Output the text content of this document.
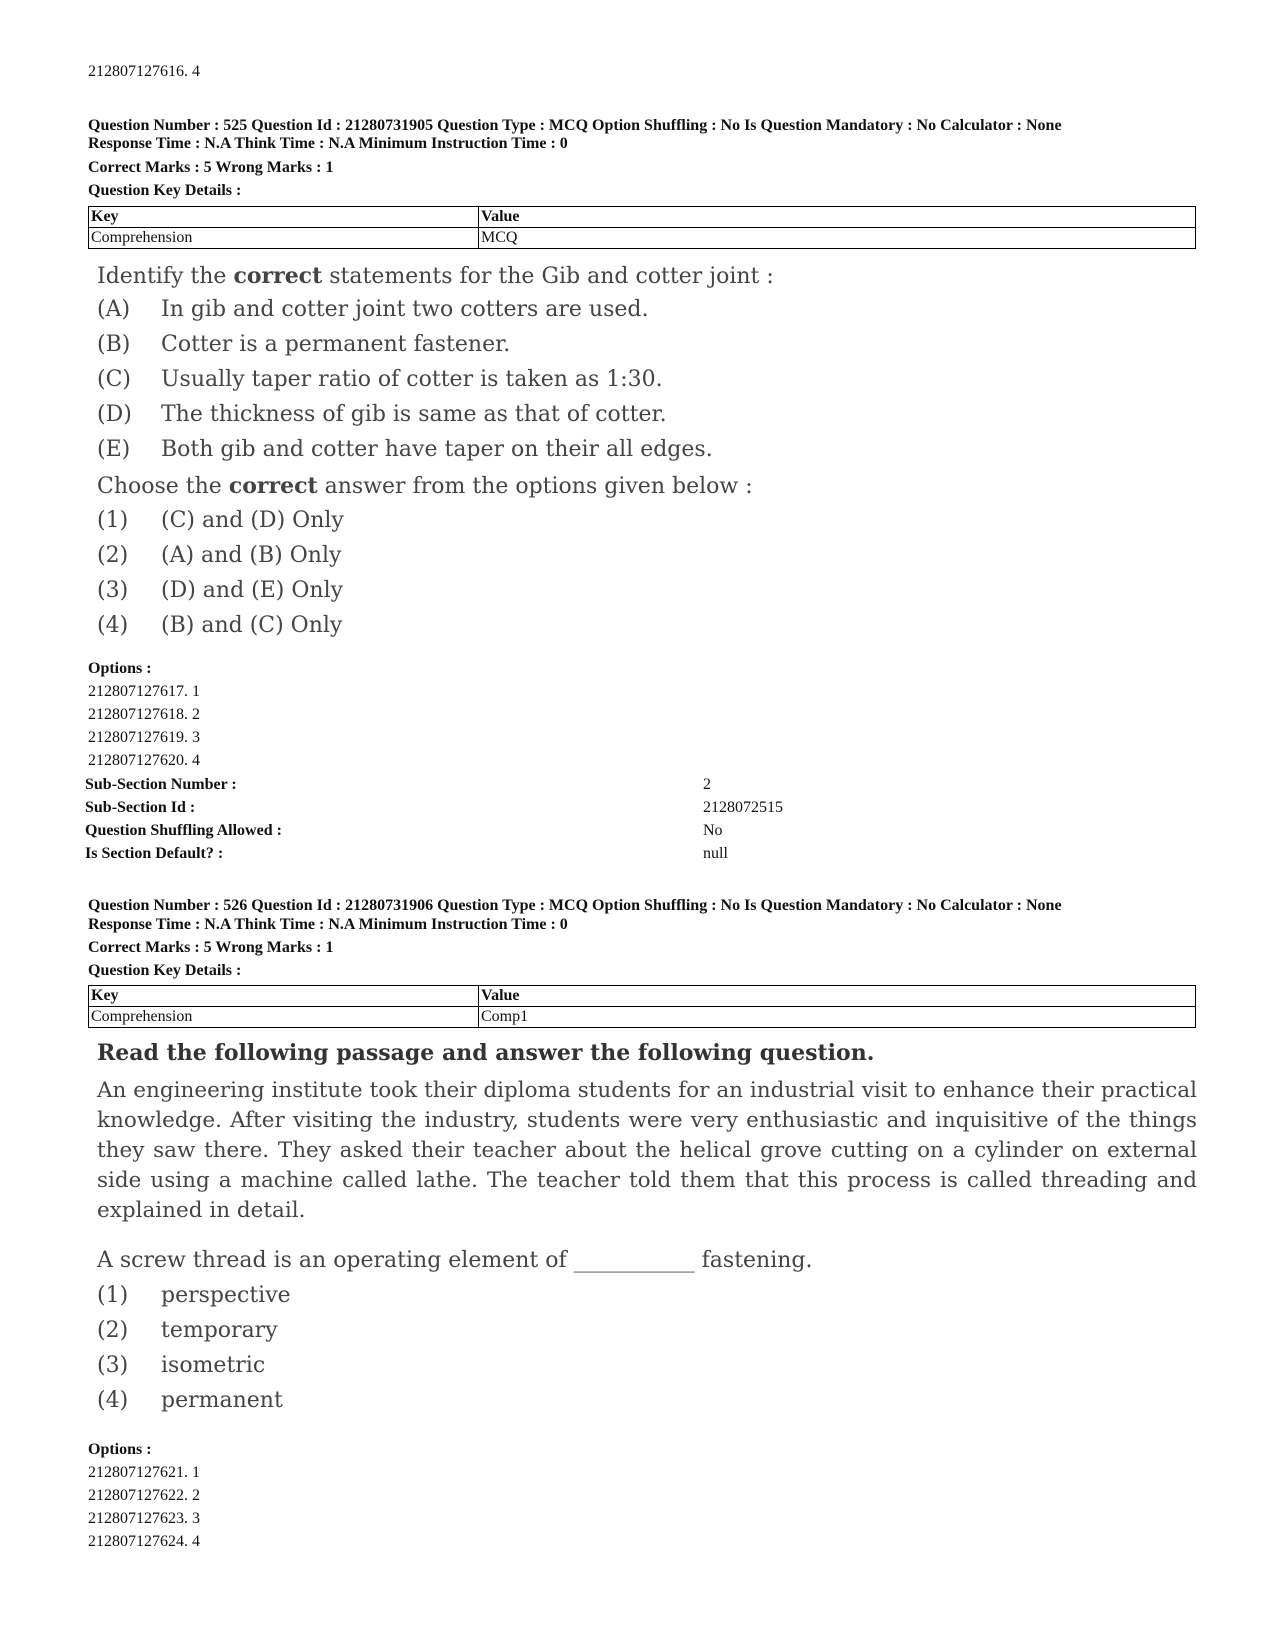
212807127616. 4
Question Number : 525 Question Id : 21280731905 Question Type : MCQ Option Shuffling : No Is Question Mandatory : No Calculator : None
Response Time : N.A Think Time : N.A Minimum Instruction Time : 0
Correct Marks : 5 Wrong Marks : 1
Question Key Details :
Key	Value
Comprehension	MCQ
Identify the correct statements for the Gib and cotter joint :
(A) In gib and cotter joint two cotters are used.
(B) Cotter is a permanent fastener.
(C) Usually taper ratio of cotter is taken as 1:30.
(D) The thickness of gib is same as that of cotter.
(E) Both gib and cotter have taper on their all edges.
Choose the correct answer from the options given below :
(1) (C) and (D) Only
(2) (A) and (B) Only
(3) (D) and (E) Only
(4) (B) and (C) Only
Options :
212807127617. 1
212807127618. 2
212807127619. 3
212807127620. 4
Sub-Section Number :	2
Sub-Section Id :	2128072515
Question Shuffling Allowed :	No
Is Section Default? :	null
Question Number : 526 Question Id : 21280731906 Question Type : MCQ Option Shuffling : No Is Question Mandatory : No Calculator : None
Response Time : N.A Think Time : N.A Minimum Instruction Time : 0
Correct Marks : 5 Wrong Marks : 1
Question Key Details :
Key	Value
Comprehension	Comp1
Read the following passage and answer the following question.
An engineering institute took their diploma students for an industrial visit to enhance their practical knowledge. After visiting the industry, students were very enthusiastic and inquisitive of the things they saw there. They asked their teacher about the helical grove cutting on a cylinder on external side using a machine called lathe. The teacher told them that this process is called threading and explained in detail.
A screw thread is an operating element of ___________ fastening.
(1) perspective
(2) temporary
(3) isometric
(4) permanent
Options :
212807127621. 1
212807127622. 2
212807127623. 3
212807127624. 4
